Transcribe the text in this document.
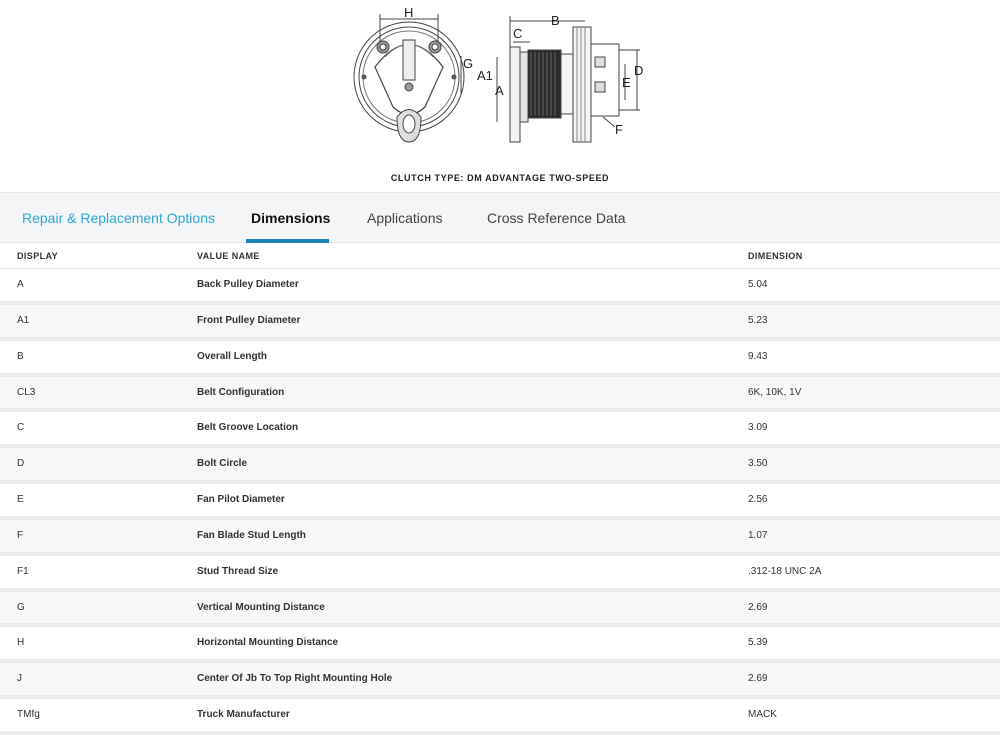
H
G
B
C
A1
A
D
E
F
CLUTCH TYPE: DM ADVANTAGE TWO-SPEED
Repair & Replacement Options	Dimensions	Applications	Cross Reference Data
DISPLAY	VALUE NAME	DIMENSION
A	Back Pulley Diameter	5.04
A1	Front Pulley Diameter	5.23
B	Overall Length	9.43
CL3	Belt Configuration	6K, 10K, 1V
C	Belt Groove Location	3.09
D	Bolt Circle	3.50
E	Fan Pilot Diameter	2.56
F	Fan Blade Stud Length	1.07
F1	Stud Thread Size	.312-18 UNC 2A
G	Vertical Mounting Distance	2.69
H	Horizontal Mounting Distance	5.39
J	Center Of Jb To Top Right Mounting Hole	2.69
TMfg	Truck Manufacturer	MACK
